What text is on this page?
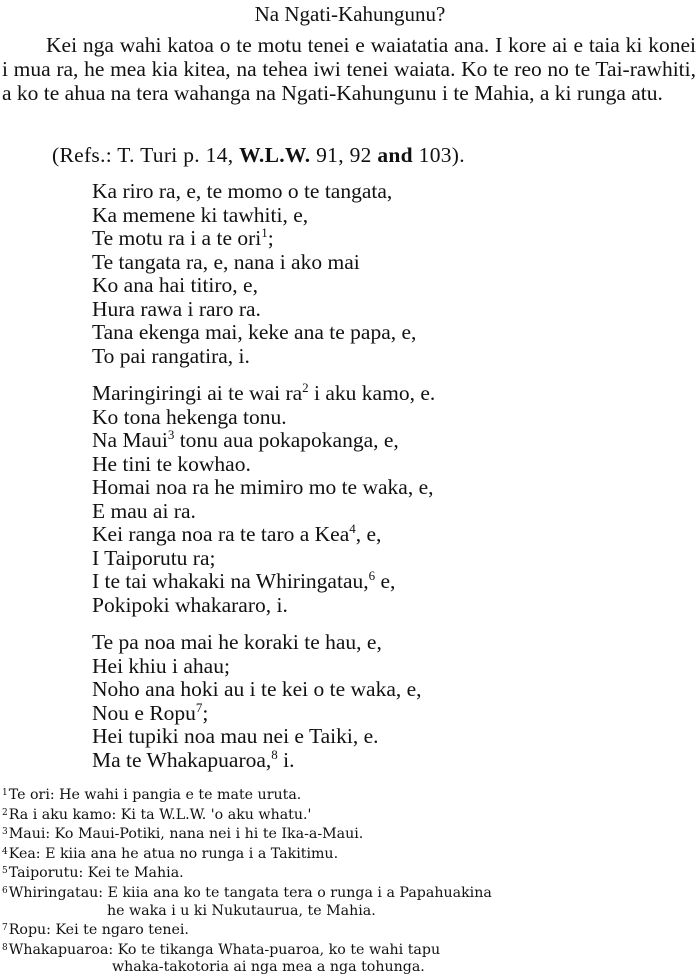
Na Ngati-Kahungunu?
Kei nga wahi katoa o te motu tenei e waiatatia ana. I kore ai e taia ki konei i mua ra, he mea kia kitea, na tehea iwi tenei waiata. Ko te reo no te Tai-rawhiti, a ko te ahua na tera wahanga na Ngati-Kahungunu i te Mahia, a ki runga atu.
(Refs.: T. Turi p. 14, W.L.W. 91, 92 and 103).
Ka riro ra, e, te momo o te tangata,
Ka memene ki tawhiti, e,
Te motu ra i a te ori$^1$;
Te tangata ra, e, nana i ako mai
Ko ana hai titiro, e,
Hura rawa i raro ra.
Tana ekenga mai, keke ana te papa, e,
To pai rangatira, i.
Maringiringi ai te wai $ra^2$ i aku kamo, e.
Ko tona hekenga tonu.
Na Maui$^3$ tonu aua pokapokanga, e,
He tini te kowhao.
Homai noa ra he mimiro mo te waka, e,
E mau ai ra.
Kei ranga noa ra te taro a Kea$^4$, e,
I Taiporutu ra;
I te tai whakaki na Whiringatau,$^6$ e,
Pokipoki whakararo, i.
Te pa noa mai he koraki te hau, e,
Hei khiu i ahau;
Noho ana hoki au i te kei o te waka, e,
Nou e Ropu$^7$;
Hei tupiki noa mau nei e Taiki, e.
Ma te Whakapuaroa,$^8$ i.
$^1$Te ori: He wahi i pangia e te mate uruta.
$^2$Ra i aku kamo: Ki ta W.L.W. 'o aku whatu.'
$^3$Maui: Ko Maui-Potiki, nana nei i hi te Ika-a-Maui.
$^4$Kea: E kiia ana he atua no runga i a Takitimu.
$^5$Taiporutu: Kei te Mahia.
$^6$Whiringatau: E kiia ana ko te tangata tera o runga i a Papahuakina
he waka i u ki Nukutaurua, te Mahia.
$^7$Ropu: Kei te ngaro tenei.
$^8$Whakapuaroa: Ko te tikanga Whata-puaroa, ko te wahi tapu
whaka-takotoria ai nga mea a nga tohunga.
